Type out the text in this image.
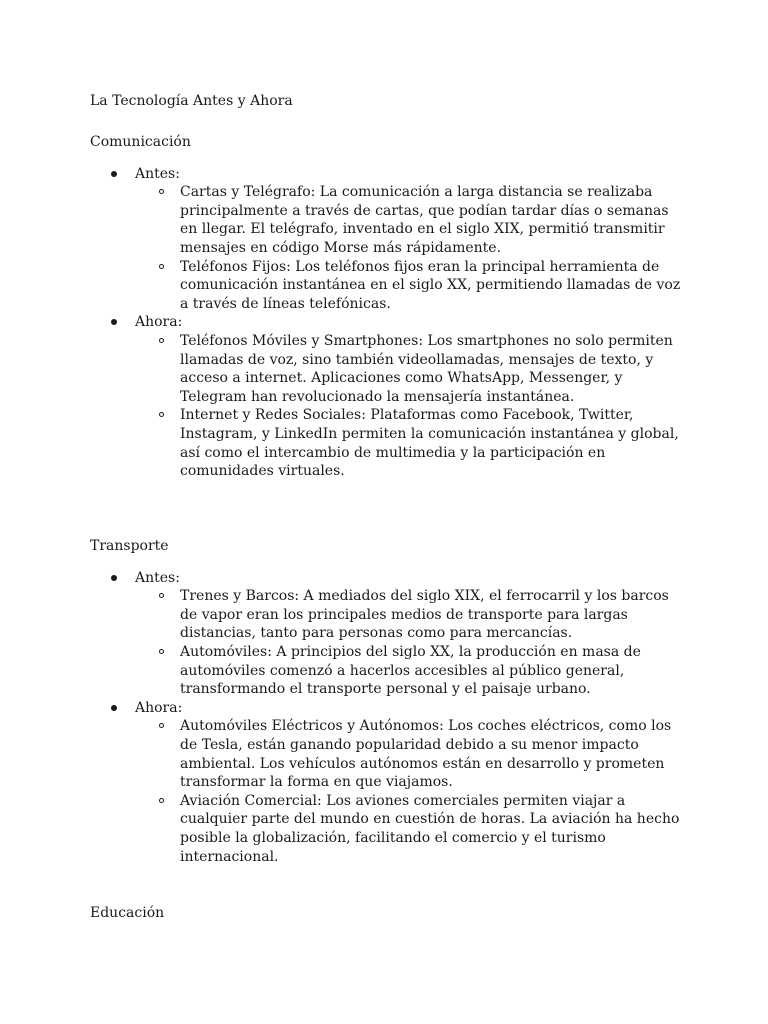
La Tecnología Antes y Ahora
Comunicación
Antes:
Cartas y Telégrafo: La comunicación a larga distancia se realizaba principalmente a través de cartas, que podían tardar días o semanas en llegar. El telégrafo, inventado en el siglo XIX, permitió transmitir mensajes en código Morse más rápidamente.
Teléfonos Fijos: Los teléfonos fijos eran la principal herramienta de comunicación instantánea en el siglo XX, permitiendo llamadas de voz a través de líneas telefónicas.
Ahora:
Teléfonos Móviles y Smartphones: Los smartphones no solo permiten llamadas de voz, sino también videollamadas, mensajes de texto, y acceso a internet. Aplicaciones como WhatsApp, Messenger, y Telegram han revolucionado la mensajería instantánea.
Internet y Redes Sociales: Plataformas como Facebook, Twitter, Instagram, y LinkedIn permiten la comunicación instantánea y global, así como el intercambio de multimedia y la participación en comunidades virtuales.
Transporte
Antes:
Trenes y Barcos: A mediados del siglo XIX, el ferrocarril y los barcos de vapor eran los principales medios de transporte para largas distancias, tanto para personas como para mercancías.
Automóviles: A principios del siglo XX, la producción en masa de automóviles comenzó a hacerlos accesibles al público general, transformando el transporte personal y el paisaje urbano.
Ahora:
Automóviles Eléctricos y Autónomos: Los coches eléctricos, como los de Tesla, están ganando popularidad debido a su menor impacto ambiental. Los vehículos autónomos están en desarrollo y prometen transformar la forma en que viajamos.
Aviación Comercial: Los aviones comerciales permiten viajar a cualquier parte del mundo en cuestión de horas. La aviación ha hecho posible la globalización, facilitando el comercio y el turismo internacional.
Educación
